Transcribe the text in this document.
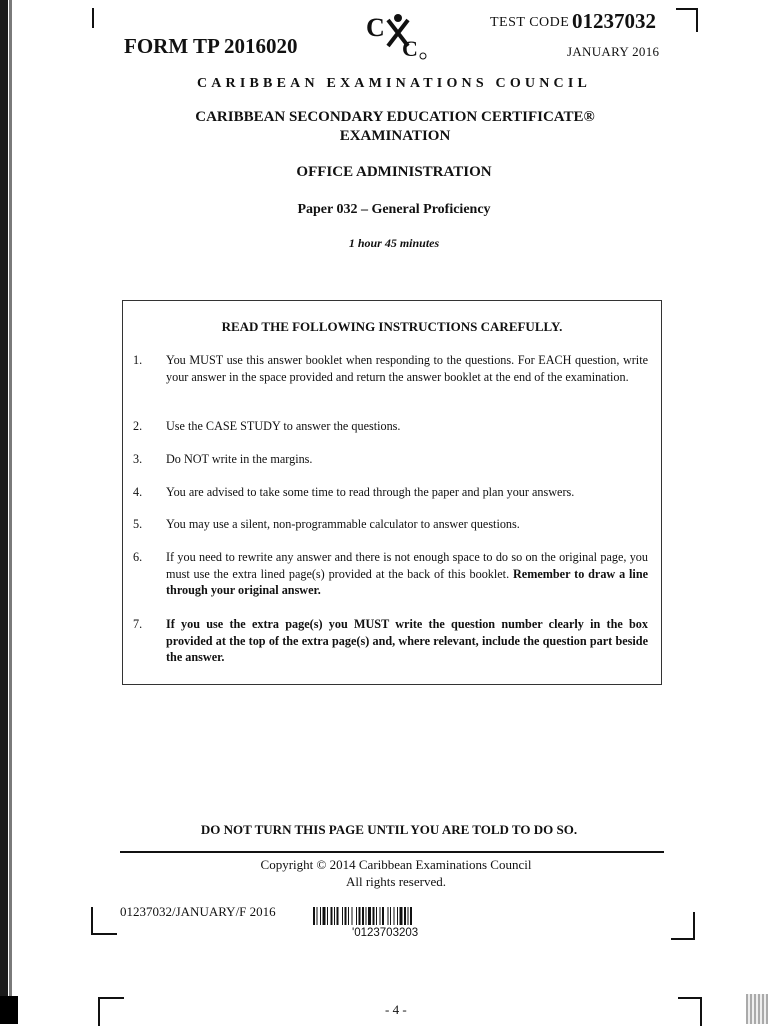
FORM TP 2016020
C
C
TEST CODE 01237032
JANUARY 2016
CARIBBEAN EXAMINATIONS COUNCIL
CARIBBEAN SECONDARY EDUCATION CERTIFICATE®
EXAMINATION
OFFICE ADMINISTRATION
Paper 032 – General Proficiency
1 hour 45 minutes
READ THE FOLLOWING INSTRUCTIONS CAREFULLY.
1. You MUST use this answer booklet when responding to the questions. For EACH question, write your answer in the space provided and return the answer booklet at the end of the examination.
2. Use the CASE STUDY to answer the questions.
3. Do NOT write in the margins.
4. You are advised to take some time to read through the paper and plan your answers.
5. You may use a silent, non-programmable calculator to answer questions.
6. If you need to rewrite any answer and there is not enough space to do so on the original page, you must use the extra lined page(s) provided at the back of this booklet. Remember to draw a line through your original answer.
7. If you use the extra page(s) you MUST write the question number clearly in the box provided at the top of the extra page(s) and, where relevant, include the question part beside the answer.
DO NOT TURN THIS PAGE UNTIL YOU ARE TOLD TO DO SO.
Copyright © 2014 Caribbean Examinations Council
All rights reserved.
01237032/JANUARY/F 2016
'0123703203
- 4 -
